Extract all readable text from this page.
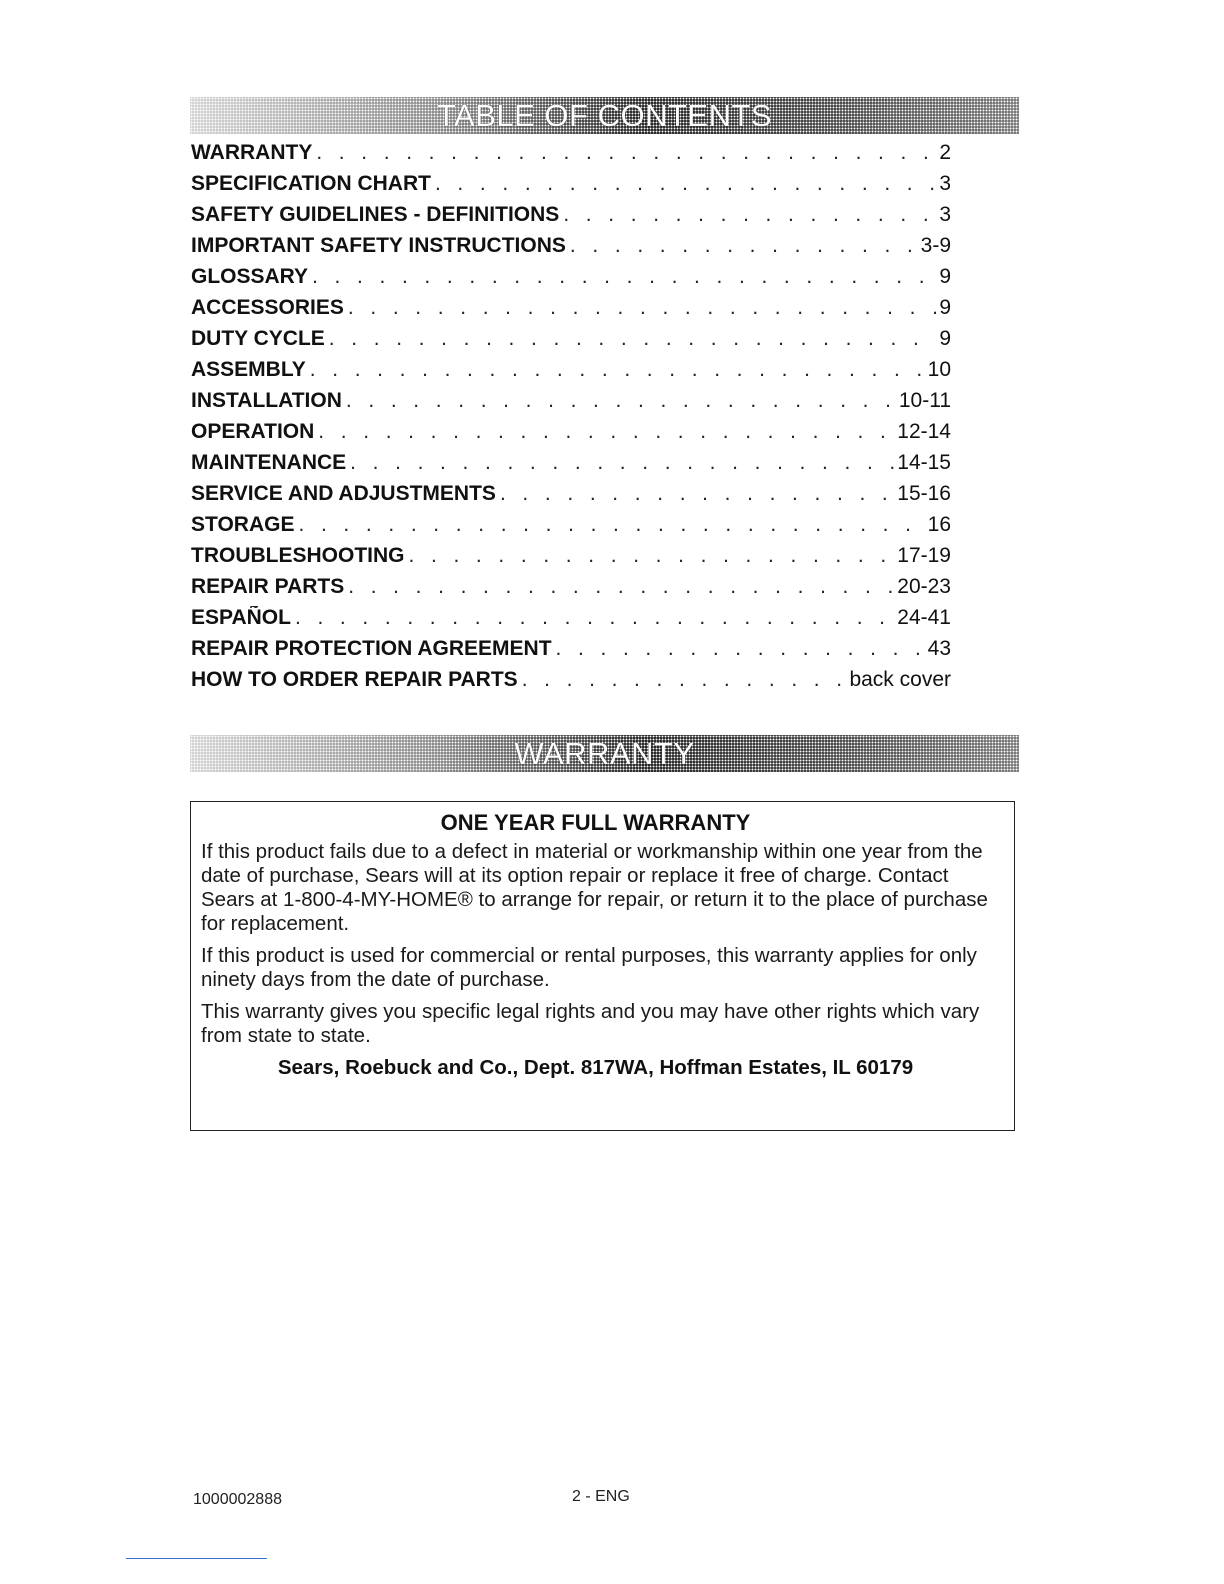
TABLE OF CONTENTS
WARRANTY . . .	2
SPECIFICATION CHART . . .	3
SAFETY GUIDELINES - DEFINITIONS . . .	3
IMPORTANT SAFETY INSTRUCTIONS . . .	3-9
GLOSSARY . . .	9
ACCESSORIES . . .	9
DUTY CYCLE . . .	9
ASSEMBLY . . .	10
INSTALLATION . . .	10-11
OPERATION . . .	12-14
MAINTENANCE . . .	14-15
SERVICE AND ADJUSTMENTS . . .	15-16
STORAGE . . .	16
TROUBLESHOOTING . . .	17-19
REPAIR PARTS . . .	20-23
ESPAÑOL . . .	24-41
REPAIR PROTECTION AGREEMENT . . .	43
HOW TO ORDER REPAIR PARTS . . .	back cover
WARRANTY
ONE YEAR FULL WARRANTY

If this product fails due to a defect in material or workmanship within one year from the date of purchase, Sears will at its option repair or replace it free of charge. Contact Sears at 1-800-4-MY-HOME® to arrange for repair, or return it to the place of purchase for replacement.

If this product is used for commercial or rental purposes, this warranty applies for only ninety days from the date of purchase.

This warranty gives you specific legal rights and you may have other rights which vary from state to state.

Sears, Roebuck and Co., Dept. 817WA, Hoffman Estates, IL 60179
1000002888	2 - ENG
